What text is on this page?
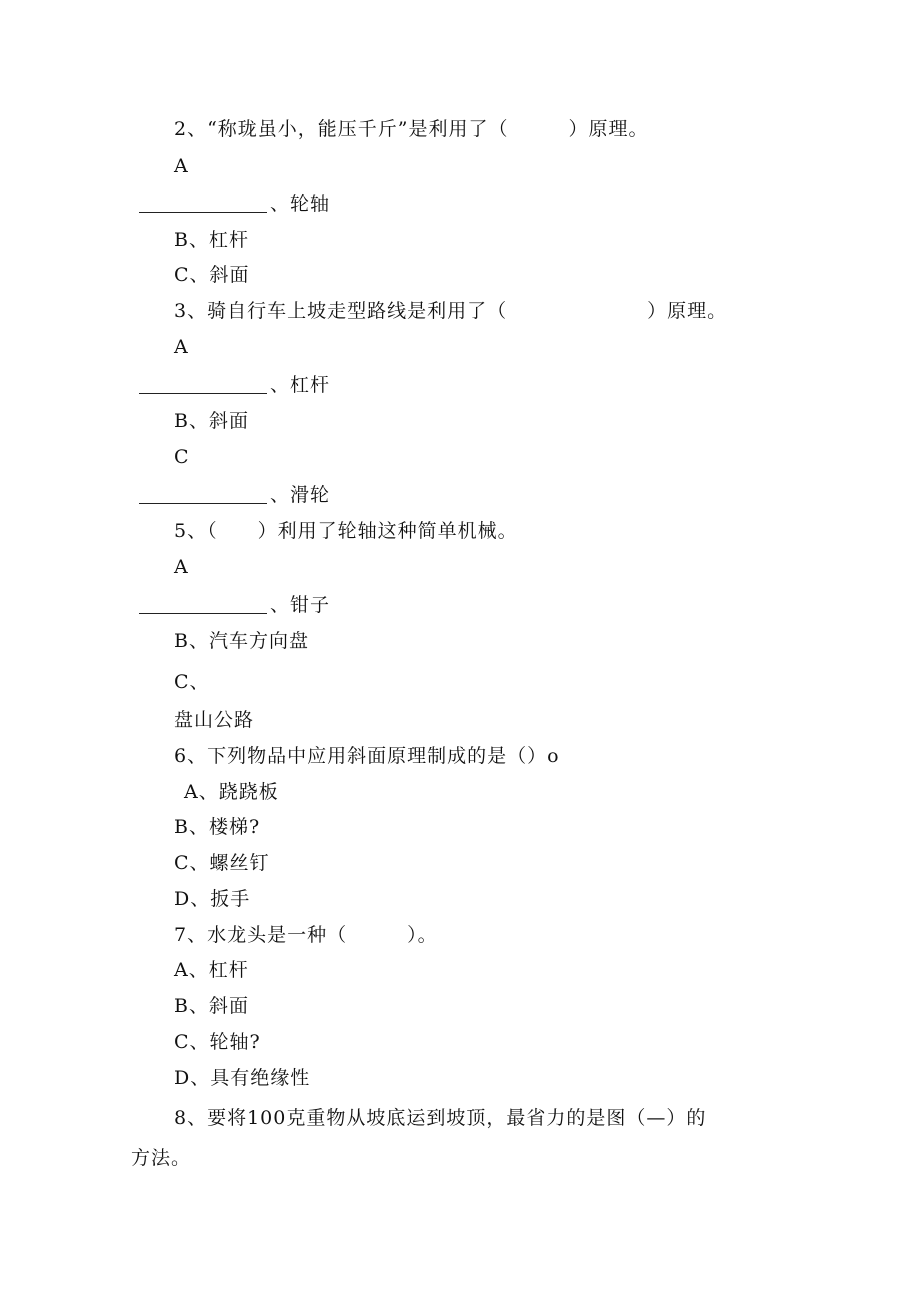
2、“称珑虽小，能压千斤”是利用了（　　　）原理。
A
、轮轴
B、杠杆
C、斜面
3、骑自行车上坡走型路线是利用了（　　　　　　　）原理。
A
、杠杆
B、斜面
C
、滑轮
5、（　　）利用了轮轴这种简单机械。
A
、钳子
B、汽车方向盘
C、
盘山公路
6、下列物品中应用斜面原理制成的是（）o
A、跷跷板
B、楼梯?
C、螺丝钉
D、扳手
7、水龙头是一种（　　　）。
A、杠杆
B、斜面
C、轮轴?
D、具有绝缘性
8、要将100克重物从坡底运到坡顶，最省力的是图（—）的
方法。
